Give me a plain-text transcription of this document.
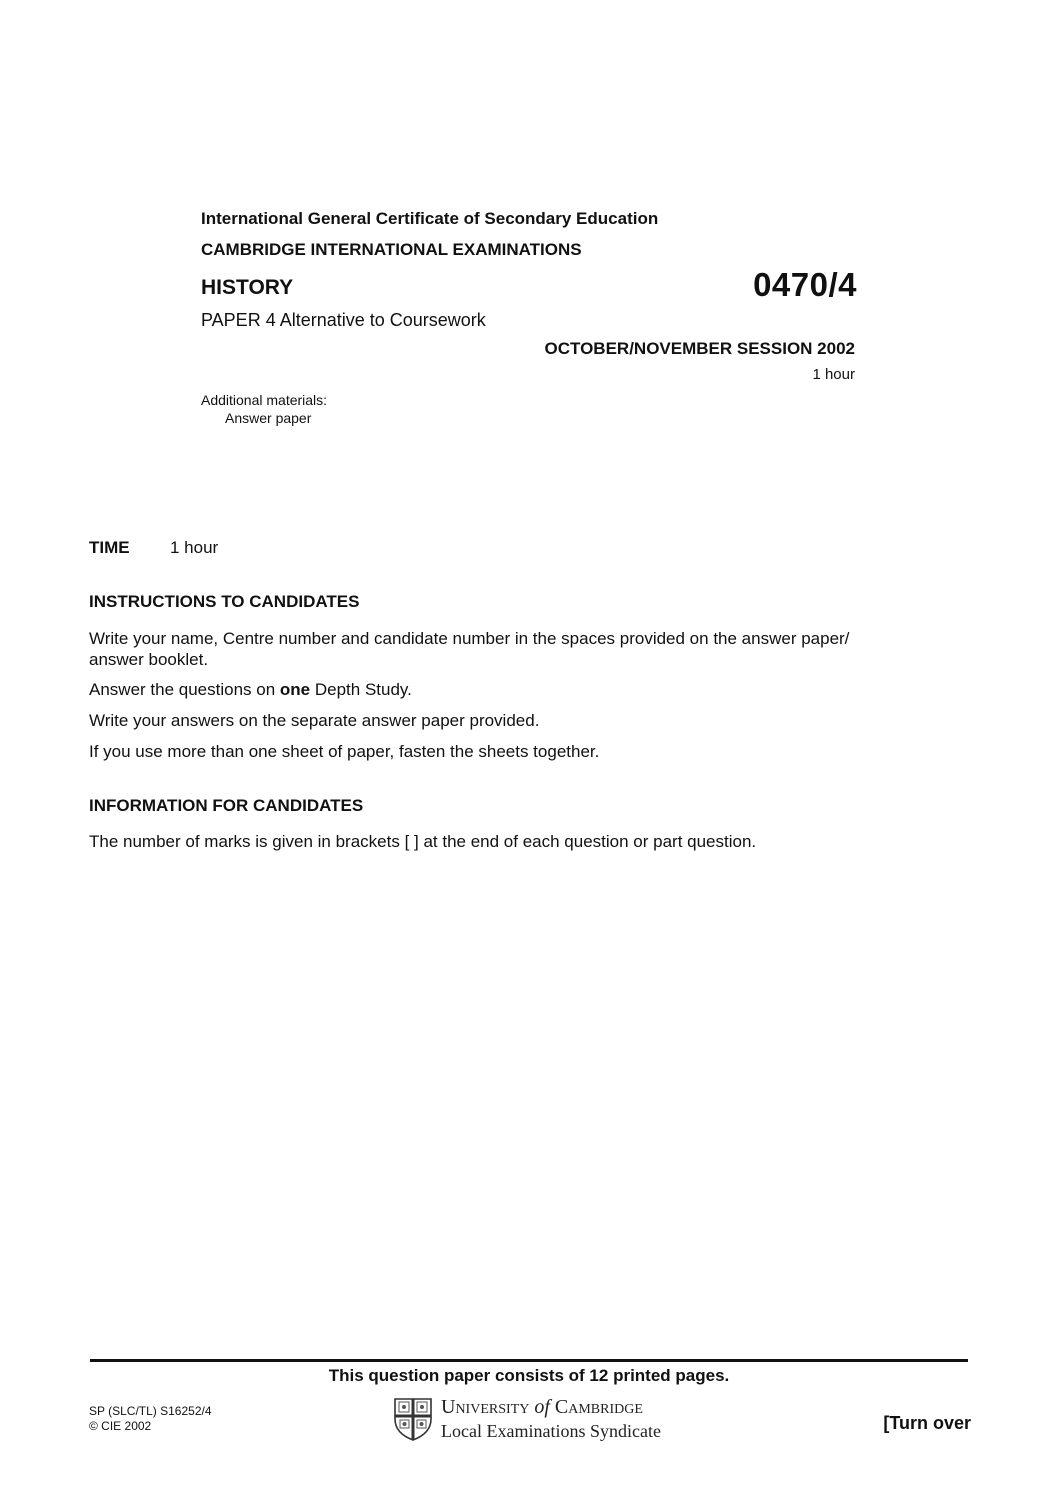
International General Certificate of Secondary Education
CAMBRIDGE INTERNATIONAL EXAMINATIONS
HISTORY	0470/4
PAPER 4 Alternative to Coursework
OCTOBER/NOVEMBER SESSION 2002
1 hour
Additional materials:
Answer paper
TIME 1 hour
INSTRUCTIONS TO CANDIDATES
Write your name, Centre number and candidate number in the spaces provided on the answer paper/
answer booklet.
Answer the questions on one Depth Study.
Write your answers on the separate answer paper provided.
If you use more than one sheet of paper, fasten the sheets together.
INFORMATION FOR CANDIDATES
The number of marks is given in brackets [ ] at the end of each question or part question.
This question paper consists of 12 printed pages.
SP (SLC/TL) S16252/4
© CIE 2002
University of Cambridge
Local Examinations Syndicate	[Turn over
